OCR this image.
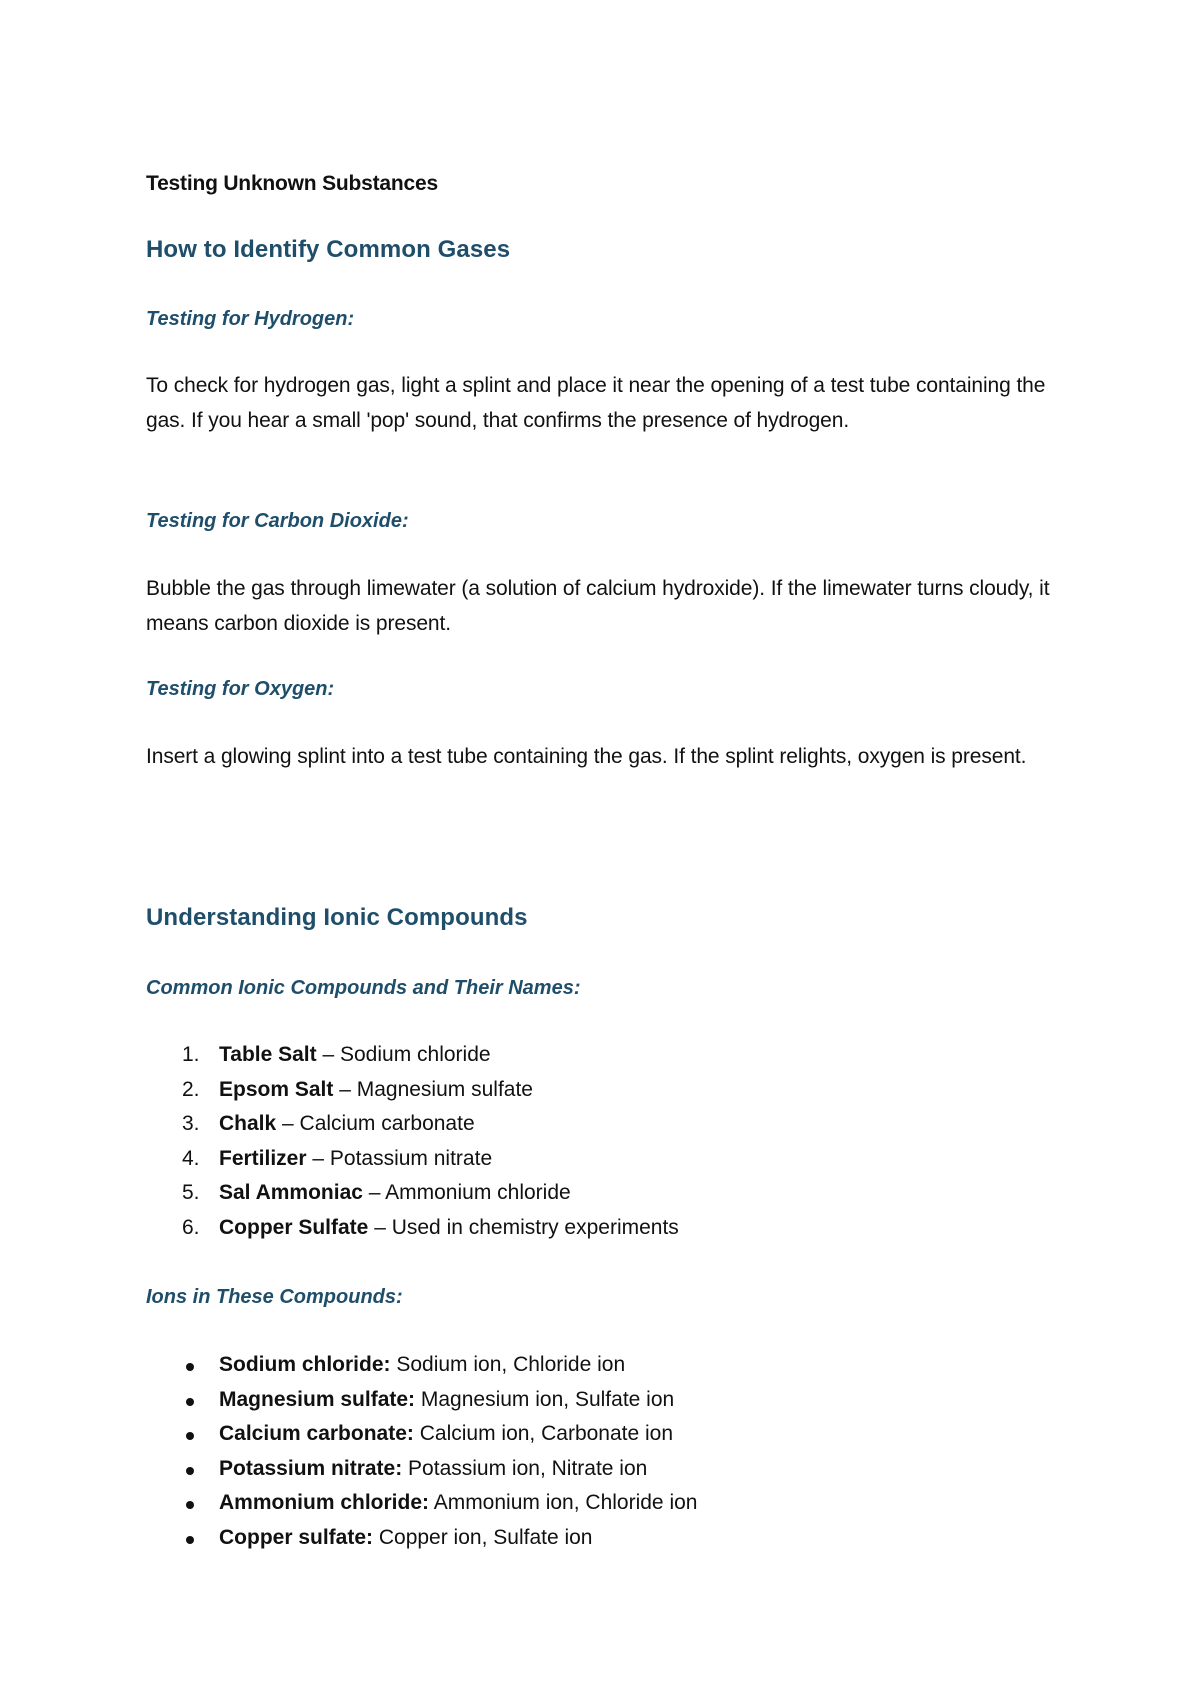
Testing Unknown Substances
How to Identify Common Gases
Testing for Hydrogen:
To check for hydrogen gas, light a splint and place it near the opening of a test tube containing the gas. If you hear a small 'pop' sound, that confirms the presence of hydrogen.
Testing for Carbon Dioxide:
Bubble the gas through limewater (a solution of calcium hydroxide). If the limewater turns cloudy, it means carbon dioxide is present.
Testing for Oxygen:
Insert a glowing splint into a test tube containing the gas. If the splint relights, oxygen is present.
Understanding Ionic Compounds
Common Ionic Compounds and Their Names:
1. Table Salt – Sodium chloride
2. Epsom Salt – Magnesium sulfate
3. Chalk – Calcium carbonate
4. Fertilizer – Potassium nitrate
5. Sal Ammoniac – Ammonium chloride
6. Copper Sulfate – Used in chemistry experiments
Ions in These Compounds:
Sodium chloride: Sodium ion, Chloride ion
Magnesium sulfate: Magnesium ion, Sulfate ion
Calcium carbonate: Calcium ion, Carbonate ion
Potassium nitrate: Potassium ion, Nitrate ion
Ammonium chloride: Ammonium ion, Chloride ion
Copper sulfate: Copper ion, Sulfate ion
